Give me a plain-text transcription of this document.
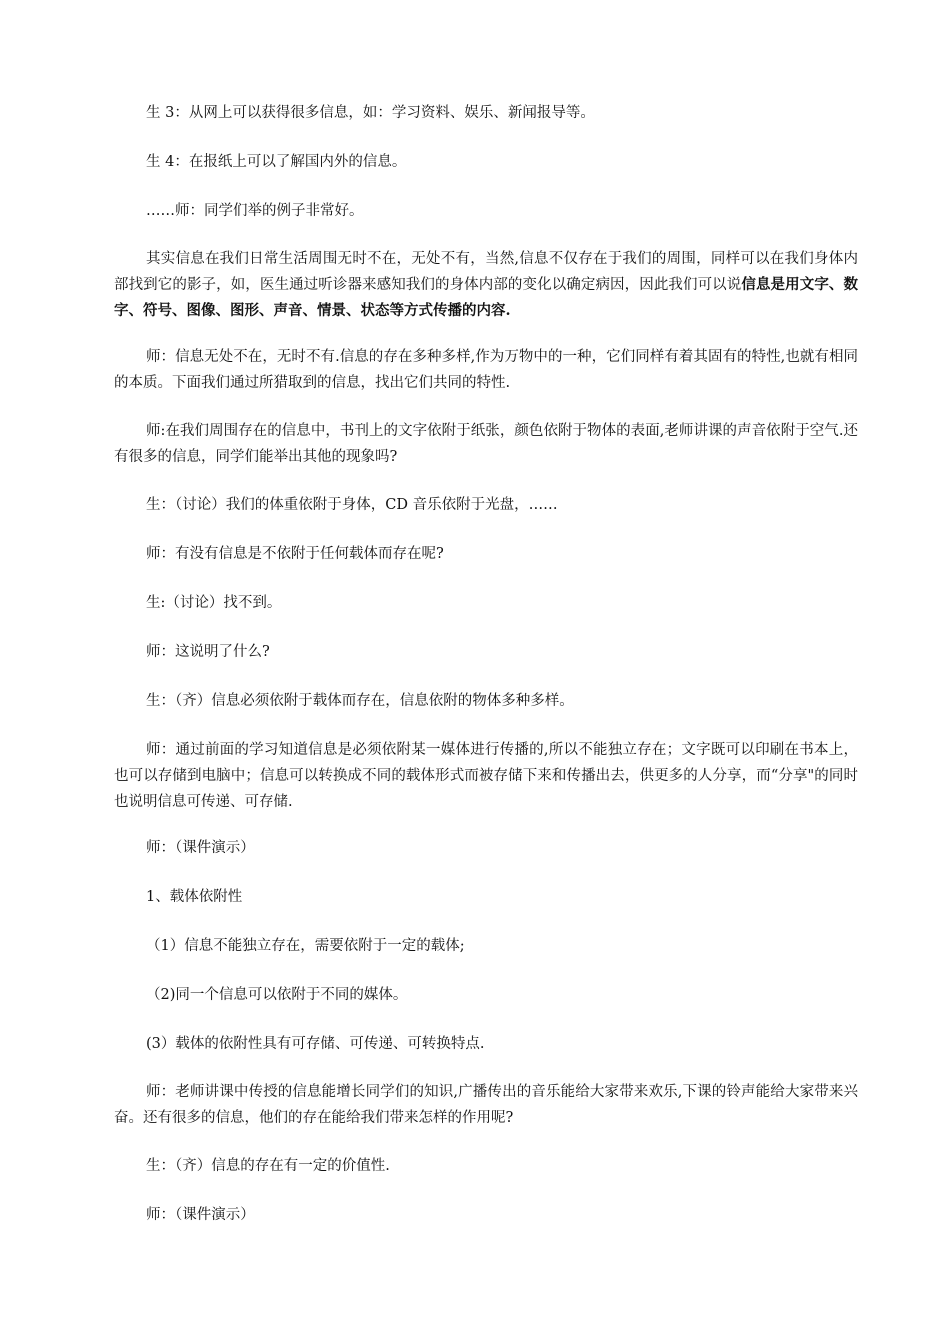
生 3：从网上可以获得很多信息，如：学习资料、娱乐、新闻报导等。

生 4：在报纸上可以了解国内外的信息。

……师：同学们举的例子非常好。

其实信息在我们日常生活周围无时不在，无处不有，当然,信息不仅存在于我们的周围，同样可以在我们身体内部找到它的影子，如，医生通过听诊器来感知我们的身体内部的变化以确定病因，因此我们可以说信息是用文字、数字、符号、图像、图形、声音、情景、状态等方式传播的内容.

师：信息无处不在，无时不有.信息的存在多种多样,作为万物中的一种，它们同样有着其固有的特性,也就有相同的本质。下面我们通过所猎取到的信息，找出它们共同的特性.

师:在我们周围存在的信息中，书刊上的文字依附于纸张，颜色依附于物体的表面,老师讲课的声音依附于空气.还有很多的信息，同学们能举出其他的现象吗?

生：（讨论）我们的体重依附于身体，CD 音乐依附于光盘，……

师：有没有信息是不依附于任何载体而存在呢?

生:（讨论）找不到。

师：这说明了什么?

生：（齐）信息必须依附于载体而存在，信息依附的物体多种多样。

师：通过前面的学习知道信息是必须依附某一媒体进行传播的,所以不能独立存在；文字既可以印刷在书本上，也可以存储到电脑中；信息可以转换成不同的载体形式而被存储下来和传播出去，供更多的人分享，而“分享"的同时也说明信息可传递、可存储.

师：（课件演示）

1、载体依附性

（1）信息不能独立存在，需要依附于一定的载体;

（2)同一个信息可以依附于不同的媒体。

(3）载体的依附性具有可存储、可传递、可转换特点.

师：老师讲课中传授的信息能增长同学们的知识,广播传出的音乐能给大家带来欢乐,下课的铃声能给大家带来兴奋。还有很多的信息，他们的存在能给我们带来怎样的作用呢?

生：（齐）信息的存在有一定的价值性.

师：（课件演示）
